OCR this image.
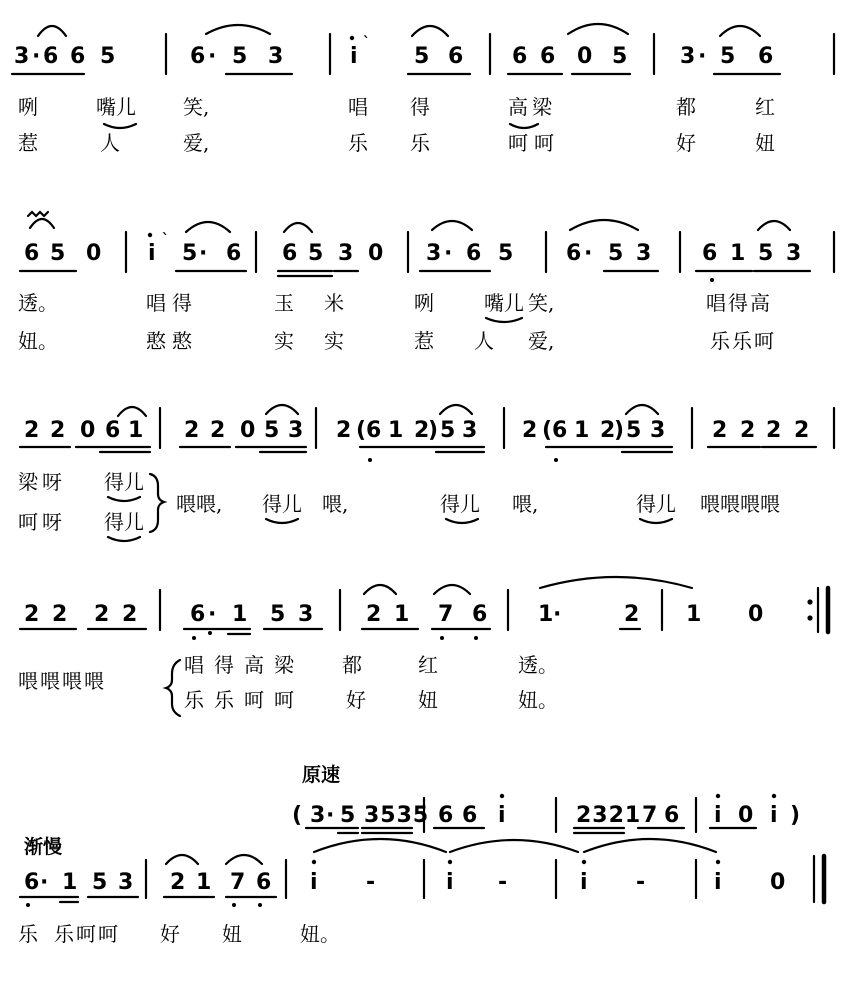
3 · 6 6 5	6 · 5 3	i
`
5 6 6 6 0 5 3 · 5 6
咧	嘴儿 笑,	唱 得	高梁	都	红
惹	人	爱,	乐 乐	呵呵	好	妞
6 5 0 i
`
5 · 6 6 5 3 0 3 · 6 5 6 · 5 3 6 1 5 3
透。	唱得	玉 米	咧	嘴儿 笑,	唱得高
妞。	憨憨	实 实	惹 人 爱,	乐乐呵
2 2 0 6 1 2 2 0 5 3 2 ( 6 1 2
) 5 3 2 ( 6 1 2
) 5 3 2 2 2 2
梁呀 得儿
呵呀 得儿
喂喂, 得儿 喂,	得儿 喂,	得儿 喂喂喂喂
2 2 2 2 6 · 1 5 3 2 1 7 6 1 ·	2 1 0
喂喂喂喂
唱 得 高 梁 都	红	透。
乐 乐 呵 呵	好	妞	妞。
原速
渐慢
( 3 · 5 3535 6 6 i	2321 7 6 i 0 i )
6 · 1 5 3 2 1 7 6 i -	i -	i -	i 0
乐 乐呵呵 好 妞	妞。
